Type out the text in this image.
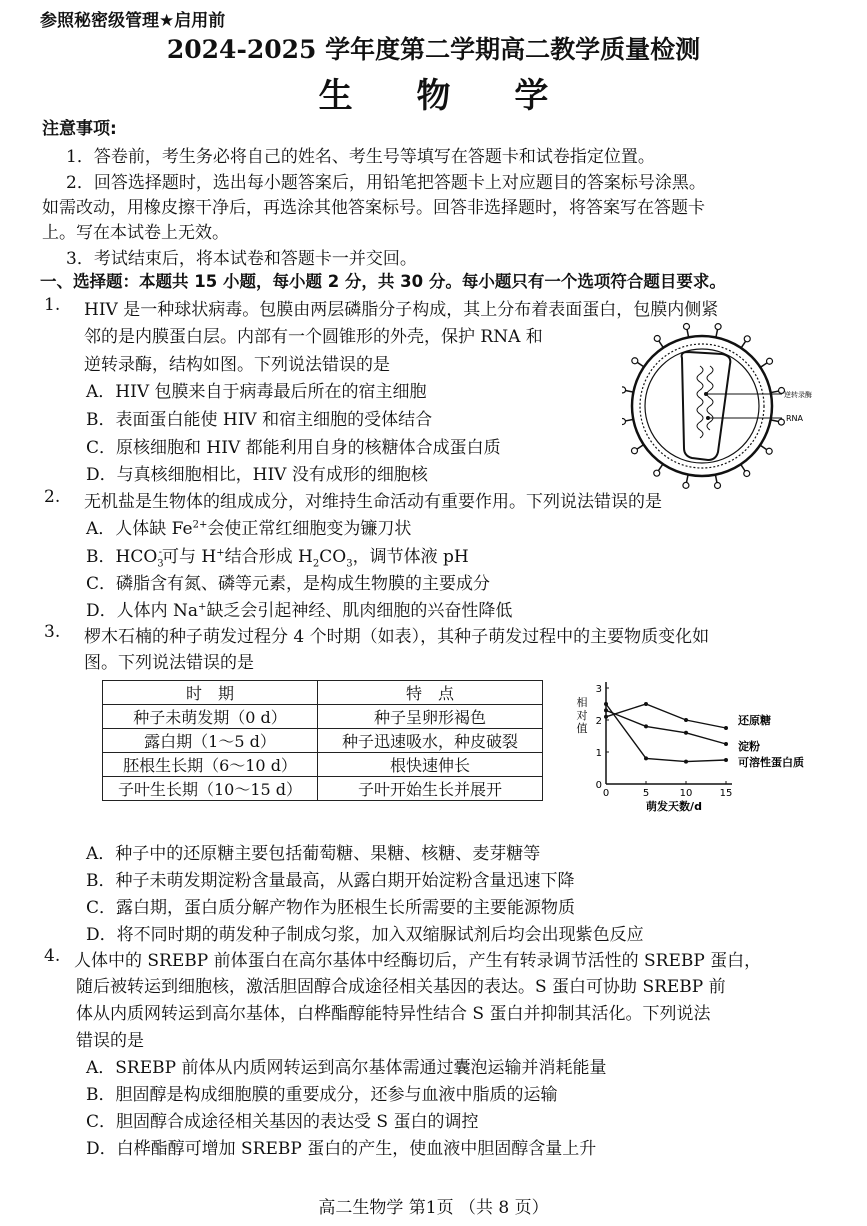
参照秘密级管理★启用前
2024-2025 学年度第二学期高二教学质量检测
生 物 学
注意事项:
1．答卷前，考生务必将自己的姓名、考生号等填写在答题卡和试卷指定位置。
2．回答选择题时，选出每小题答案后，用铅笔把答题卡上对应题目的答案标号涂黑。
如需改动，用橡皮擦干净后，再选涂其他答案标号。回答非选择题时，将答案写在答题卡
上。写在本试卷上无效。
3．考试结束后，将本试卷和答题卡一并交回。
一、选择题：本题共 15 小题，每小题 2 分，共 30 分。每小题只有一个选项符合题目要求。
1. HIV 是一种球状病毒。包膜由两层磷脂分子构成，其上分布着表面蛋白，包膜内侧紧
邻的是内膜蛋白层。内部有一个圆锥形的外壳，保护 RNA 和
逆转录酶，结构如图。下列说法错误的是
A．HIV 包膜来自于病毒最后所在的宿主细胞
B．表面蛋白能使 HIV 和宿主细胞的受体结合
C．原核细胞和 HIV 都能利用自身的核糖体合成蛋白质
D．与真核细胞相比，HIV 没有成形的细胞核
逆转录酶
RNA
2. 无机盐是生物体的组成成分，对维持生命活动有重要作用。下列说法错误的是
A．人体缺 $Fe^{2+}$会使正常红细胞变为镰刀状
B．$HCO_3^-$可与 H+结合形成 $H_2CO_3$，调节体液 pH
C．磷脂含有氮、磷等元素，是构成生物膜的主要成分
D．人体内 Na+缺乏会引起神经、肌肉细胞的兴奋性降低
3. 椤木石楠的种子萌发过程分 4 个时期（如表），其种子萌发过程中的主要物质变化如
图。下列说法错误的是
时　期	特　点
种子未萌发期（0 d）	种子呈卵形褐色
露白期（1～5 d）	种子迅速吸水，种皮破裂
胚根生长期（6～10 d）	根快速伸长
子叶生长期（10～15 d）	子叶开始生长并展开	0	5	10	15
0
1
2
3
相
对
值
萌发天数/d
还原糖
淀粉
可溶性蛋白质
A．种子中的还原糖主要包括葡萄糖、果糖、核糖、麦芽糖等
B．种子未萌发期淀粉含量最高，从露白期开始淀粉含量迅速下降
C．露白期，蛋白质分解产物作为胚根生长所需要的主要能源物质
D．将不同时期的萌发种子制成匀浆，加入双缩脲试剂后均会出现紫色反应
4. 人体中的 SREBP 前体蛋白在高尔基体中经酶切后，产生有转录调节活性的 SREBP 蛋白，
随后被转运到细胞核，激活胆固醇合成途径相关基因的表达。S 蛋白可协助 SREBP 前
体从内质网转运到高尔基体，白桦酯醇能特异性结合 S 蛋白并抑制其活化。下列说法
错误的是
A．SREBP 前体从内质网转运到高尔基体需通过囊泡运输并消耗能量
B．胆固醇是构成细胞膜的重要成分，还参与血液中脂质的运输
C．胆固醇合成途径相关基因的表达受 S 蛋白的调控
D．白桦酯醇可增加 SREBP 蛋白的产生，使血液中胆固醇含量上升
高二生物学 第1页 （共 8 页）
